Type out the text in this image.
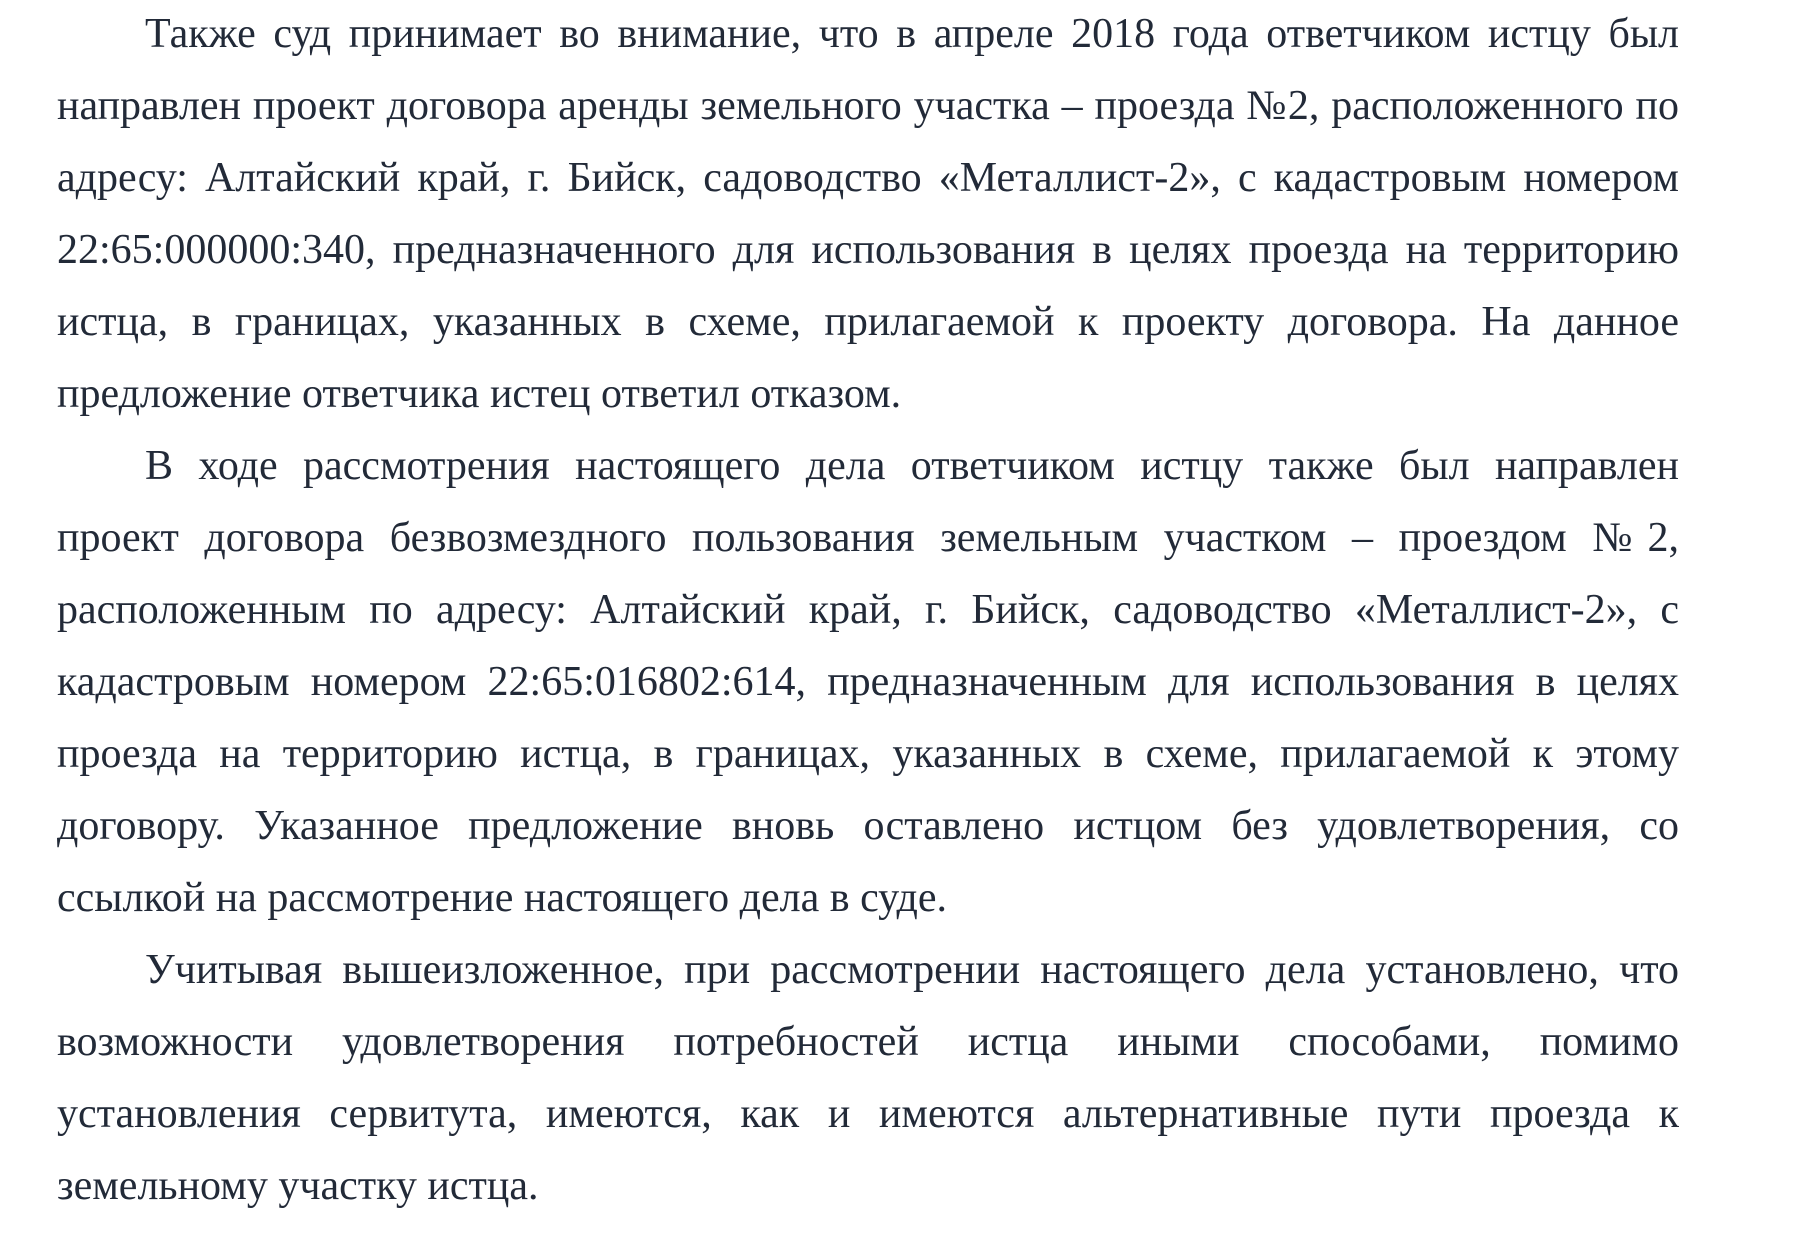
Также суд принимает во внимание, что в апреле 2018 года ответчиком истцу был
направлен проект договора аренды земельного участка – проезда №2, расположенного по
адресу: Алтайский край, г. Бийск, садоводство «Металлист-2», с кадастровым номером
22:65:000000:340, предназначенного для использования в целях проезда на территорию
истца, в границах, указанных в схеме, прилагаемой к проекту договора. На данное
предложение ответчика истец ответил отказом.
В ходе рассмотрения настоящего дела ответчиком истцу также был направлен
проект договора безвозмездного пользования земельным участком – проездом №2,
расположенным по адресу: Алтайский край, г. Бийск, садоводство «Металлист-2», с
кадастровым номером 22:65:016802:614, предназначенным для использования в целях
проезда на территорию истца, в границах, указанных в схеме, прилагаемой к этому
договору. Указанное предложение вновь оставлено истцом без удовлетворения, со
ссылкой на рассмотрение настоящего дела в суде.
Учитывая вышеизложенное, при рассмотрении настоящего дела установлено, что
возможности удовлетворения потребностей истца иными способами, помимо
установления сервитута, имеются, как и имеются альтернативные пути проезда к
земельному участку истца.
